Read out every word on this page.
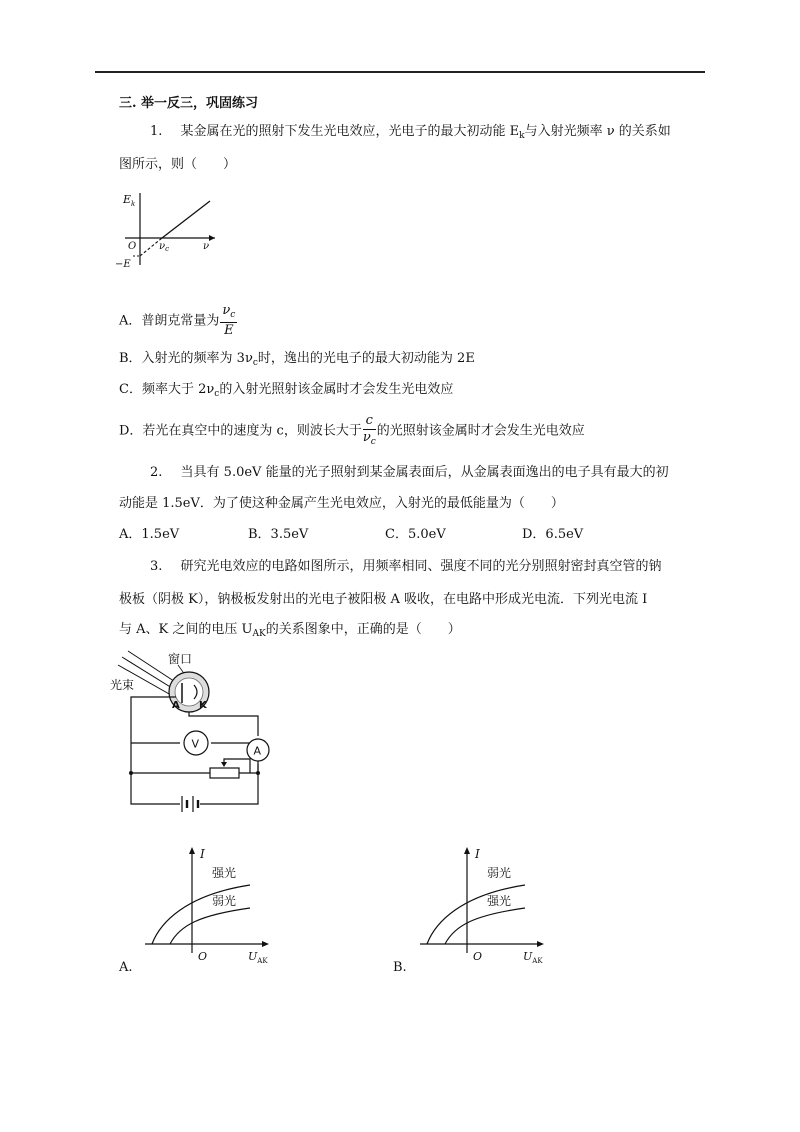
三. 举一反三，巩固练习
1. 某金属在光的照射下发生光电效应，光电子的最大初动能 $E_k$与入射光频率 ν 的关系如
图所示，则（　　）
$E_k$
O $\nu_c$	ν
−E
A．普朗克常量为 $\frac{\nu_c}{E}$
B．入射光的频率为 $3\nu_c$时，逸出的光电子的最大初动能为 2E
C．频率大于 $2\nu_c$的入射光照射该金属时才会发生光电效应
D．若光在真空中的速度为 c，则波长大于 $\frac{c}{\nu_c}$ 的光照射该金属时才会发生光电效应
2. 当具有 5.0eV 能量的光子照射到某金属表面后，从金属表面逸出的电子具有最大的初
动能是 1.5eV．为了使这种金属产生光电效应，入射光的最低能量为（　　）
A．1.5eV	B．3.5eV	C．5.0eV	D．6.5eV
3. 研究光电效应的电路如图所示，用频率相同、强度不同的光分别照射密封真空管的钠
极板（阴极 K），钠极板发射出的光电子被阳极 A 吸收，在电路中形成光电流．下列光电流 I
与 A、K 之间的电压 $U_{AK}$的关系图象中，正确的是（　　）
窗口
光束
A K
A
V
I
强光
弱光
O	$U_{AK}$
A.
I
弱光
强光
O	$U_{AK}$
B.
